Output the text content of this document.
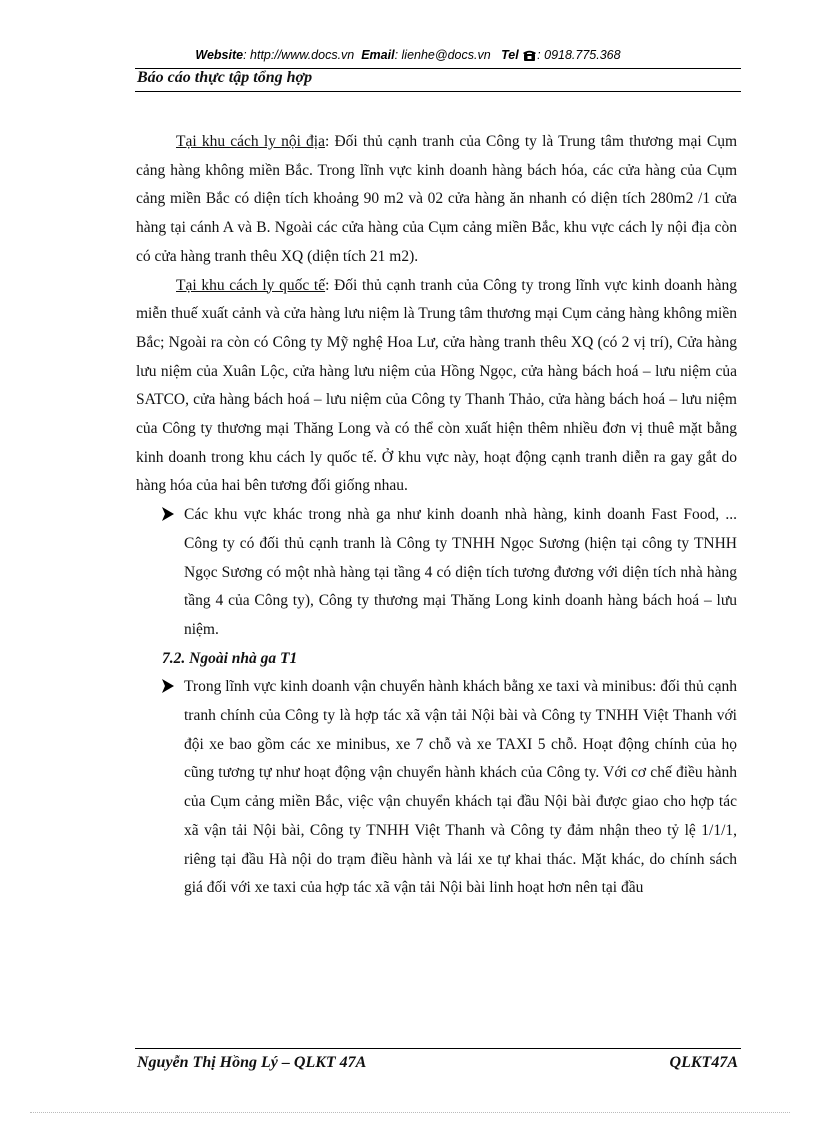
Website: http://www.docs.vn Email: lienhe@docs.vn Tel : 0918.775.368
Báo cáo thực tập tổng hợp

Tại khu cách ly nội địa: Đối thủ cạnh tranh của Công ty là Trung tâm thương mại Cụm cảng hàng không miền Bắc. Trong lĩnh vực kinh doanh hàng bách hóa, các cửa hàng của Cụm cảng miền Bắc có diện tích khoảng 90 m2 và 02 cửa hàng ăn nhanh có diện tích 280m2 /1 cửa hàng tại cánh A và B. Ngoài các cửa hàng của Cụm cảng miền Bắc, khu vực cách ly nội địa còn có cửa hàng tranh thêu XQ (diện tích 21 m2).

Tại khu cách ly quốc tế: Đối thủ cạnh tranh của Công ty trong lĩnh vực kinh doanh hàng miễn thuế xuất cảnh và cửa hàng lưu niệm là Trung tâm thương mại Cụm cảng hàng không miền Bắc; Ngoài ra còn có Công ty Mỹ nghệ Hoa Lư, cửa hàng tranh thêu XQ (có 2 vị trí), Cửa hàng lưu niệm của Xuân Lộc, cửa hàng lưu niệm của Hồng Ngọc, cửa hàng bách hoá – lưu niệm của SATCO, cửa hàng bách hoá – lưu niệm của Công ty Thanh Thảo, cửa hàng bách hoá – lưu niệm của Công ty thương mại Thăng Long và có thể còn xuất hiện thêm nhiều đơn vị thuê mặt bằng kinh doanh trong khu cách ly quốc tế. Ở khu vực này, hoạt động cạnh tranh diễn ra gay gắt do hàng hóa của hai bên tương đối giống nhau.

Các khu vực khác trong nhà ga như kinh doanh nhà hàng, kinh doanh Fast Food, ... Công ty có đối thủ cạnh tranh là Công ty TNHH Ngọc Sương (hiện tại công ty TNHH Ngọc Sương có một nhà hàng tại tầng 4 có diện tích tương đương với diện tích nhà hàng tầng 4 của Công ty), Công ty thương mại Thăng Long kinh doanh hàng bách hoá – lưu niệm.

7.2. Ngoài nhà ga T1

Trong lĩnh vực kinh doanh vận chuyển hành khách bằng xe taxi và minibus: đối thủ cạnh tranh chính của Công ty là hợp tác xã vận tải Nội bài và Công ty TNHH Việt Thanh với đội xe bao gồm các xe minibus, xe 7 chỗ và xe TAXI 5 chỗ. Hoạt động chính của họ cũng tương tự như hoạt động vận chuyển hành khách của Công ty. Với cơ chế điều hành của Cụm cảng miền Bắc, việc vận chuyển khách tại đầu Nội bài được giao cho hợp tác xã vận tải Nội bài, Công ty TNHH Việt Thanh và Công ty đảm nhận theo tỷ lệ 1/1/1, riêng tại đầu Hà nội do trạm điều hành và lái xe tự khai thác. Mặt khác, do chính sách giá đối với xe taxi của hợp tác xã vận tải Nội bài linh hoạt hơn nên tại đầu
Nguyễn Thị Hồng Lý – QLKT 47A	QLKT47A
